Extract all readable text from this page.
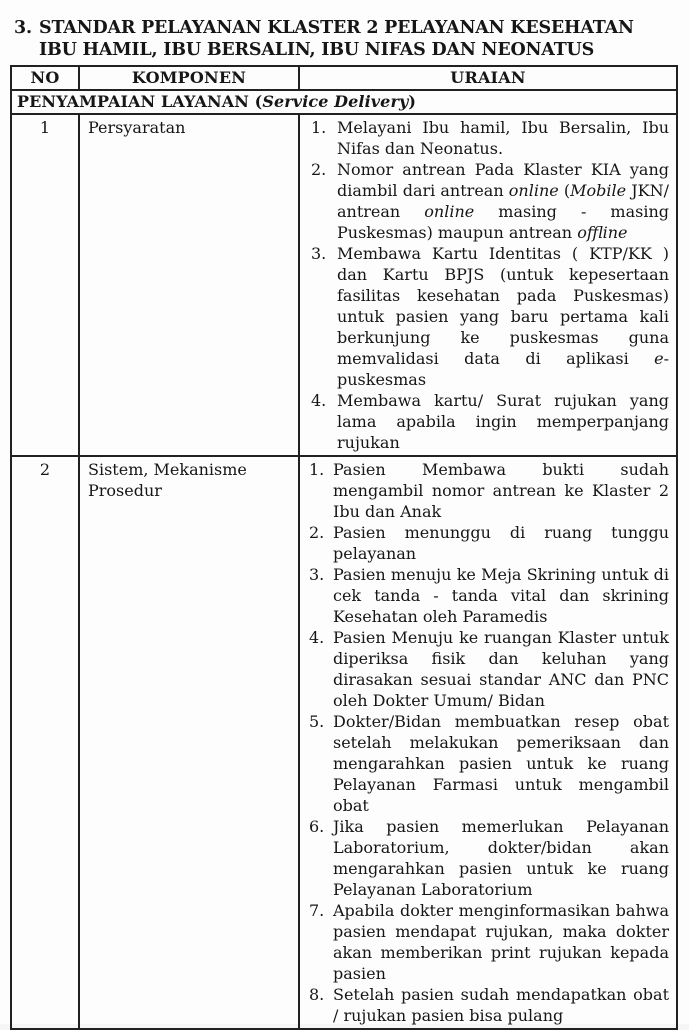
3. STANDAR PELAYANAN KLASTER 2 PELAYANAN KESEHATAN IBU HAMIL, IBU BERSALIN, IBU NIFAS DAN NEONATUS
NO	KOMPONEN	URAIAN
PENYAMPAIAN LAYANAN (Service Delivery)		
1	Persyaratan	1. Melayani Ibu hamil, Ibu Bersalin, Ibu Nifas dan Neonatus.
2. Nomor antrean Pada Klaster KIA yang diambil dari antrean online (Mobile JKN/ antrean online masing - masing Puskesmas) maupun antrean offline
3. Membawa Kartu Identitas ( KTP/KK ) dan Kartu BPJS (untuk kepesertaan fasilitas kesehatan pada Puskesmas) untuk pasien yang baru pertama kali berkunjung ke puskesmas guna memvalidasi data di aplikasi e-puskesmas
4. Membawa kartu/ Surat rujukan yang lama apabila ingin memperpanjang rujukan

2	Sistem, Mekanisme Prosedur	
1. Pasien Membawa bukti sudah mengambil nomor antrean ke Klaster 2 Ibu dan Anak
2. Pasien menunggu di ruang tunggu pelayanan
3. Pasien menuju ke Meja Skrining untuk di cek tanda - tanda vital dan skrining Kesehatan oleh Paramedis
4. Pasien Menuju ke ruangan Klaster untuk diperiksa fisik dan keluhan yang dirasakan sesuai standar ANC dan PNC oleh Dokter Umum/ Bidan
5. Dokter/Bidan membuatkan resep obat setelah melakukan pemeriksaan dan mengarahkan pasien untuk ke ruang Pelayanan Farmasi untuk mengambil obat
6. Jika pasien memerlukan Pelayanan Laboratorium, dokter/bidan akan mengarahkan pasien untuk ke ruang Pelayanan Laboratorium
7. Apabila dokter menginformasikan bahwa pasien mendapat rujukan, maka dokter akan memberikan print rujukan kepada pasien
8. Setelah pasien sudah mendapatkan obat / rujukan pasien bisa pulang
